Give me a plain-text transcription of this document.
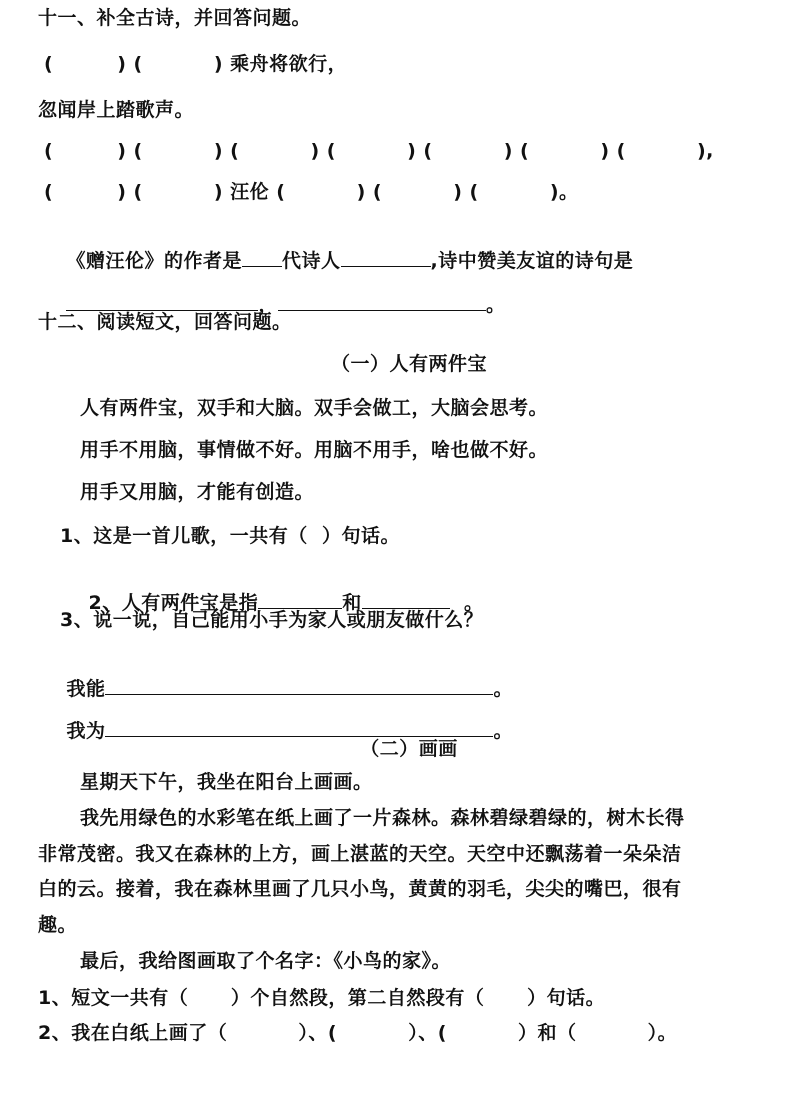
十一、补全古诗，并回答问题。
(         ) (          ) 乘舟将欲行，
忽闻岸上踏歌声。
(         ) (          ) (          ) (          ) (          ) (          ) (          ),
(         ) (          ) 汪伦 (          ) (          ) (          )。

《赠汪伦》的作者是 代诗人	,诗中赞美友谊的诗句是

，	。

十二、阅读短文，回答问题。
（一）人有两件宝
人有两件宝，双手和大脑。双手会做工，大脑会思考。
用手不用脑，事情做不好。用脑不用手，啥也做不好。
用手又用脑，才能有创造。
1、这是一首儿歌，一共有（  ）句话。

2、人有两件宝是指	和	。

3、说一说，自己能用小手为家人或朋友做什么？

我能	。

我为	。

（二）画画
星期天下午，我坐在阳台上画画。
我先用绿色的水彩笔在纸上画了一片森林。森林碧绿碧绿的，树木长得
非常茂密。我又在森林的上方，画上湛蓝的天空。天空中还飘荡着一朵朵洁
白的云。接着，我在森林里画了几只小鸟，黄黄的羽毛，尖尖的嘴巴，很有
趣。
最后，我给图画取了个名字：《小鸟的家》。
1、短文一共有（      ）个自然段，第二自然段有（      ）句话。
2、我在白纸上画了（          ）、(          ）、(          ）和（          ）。
